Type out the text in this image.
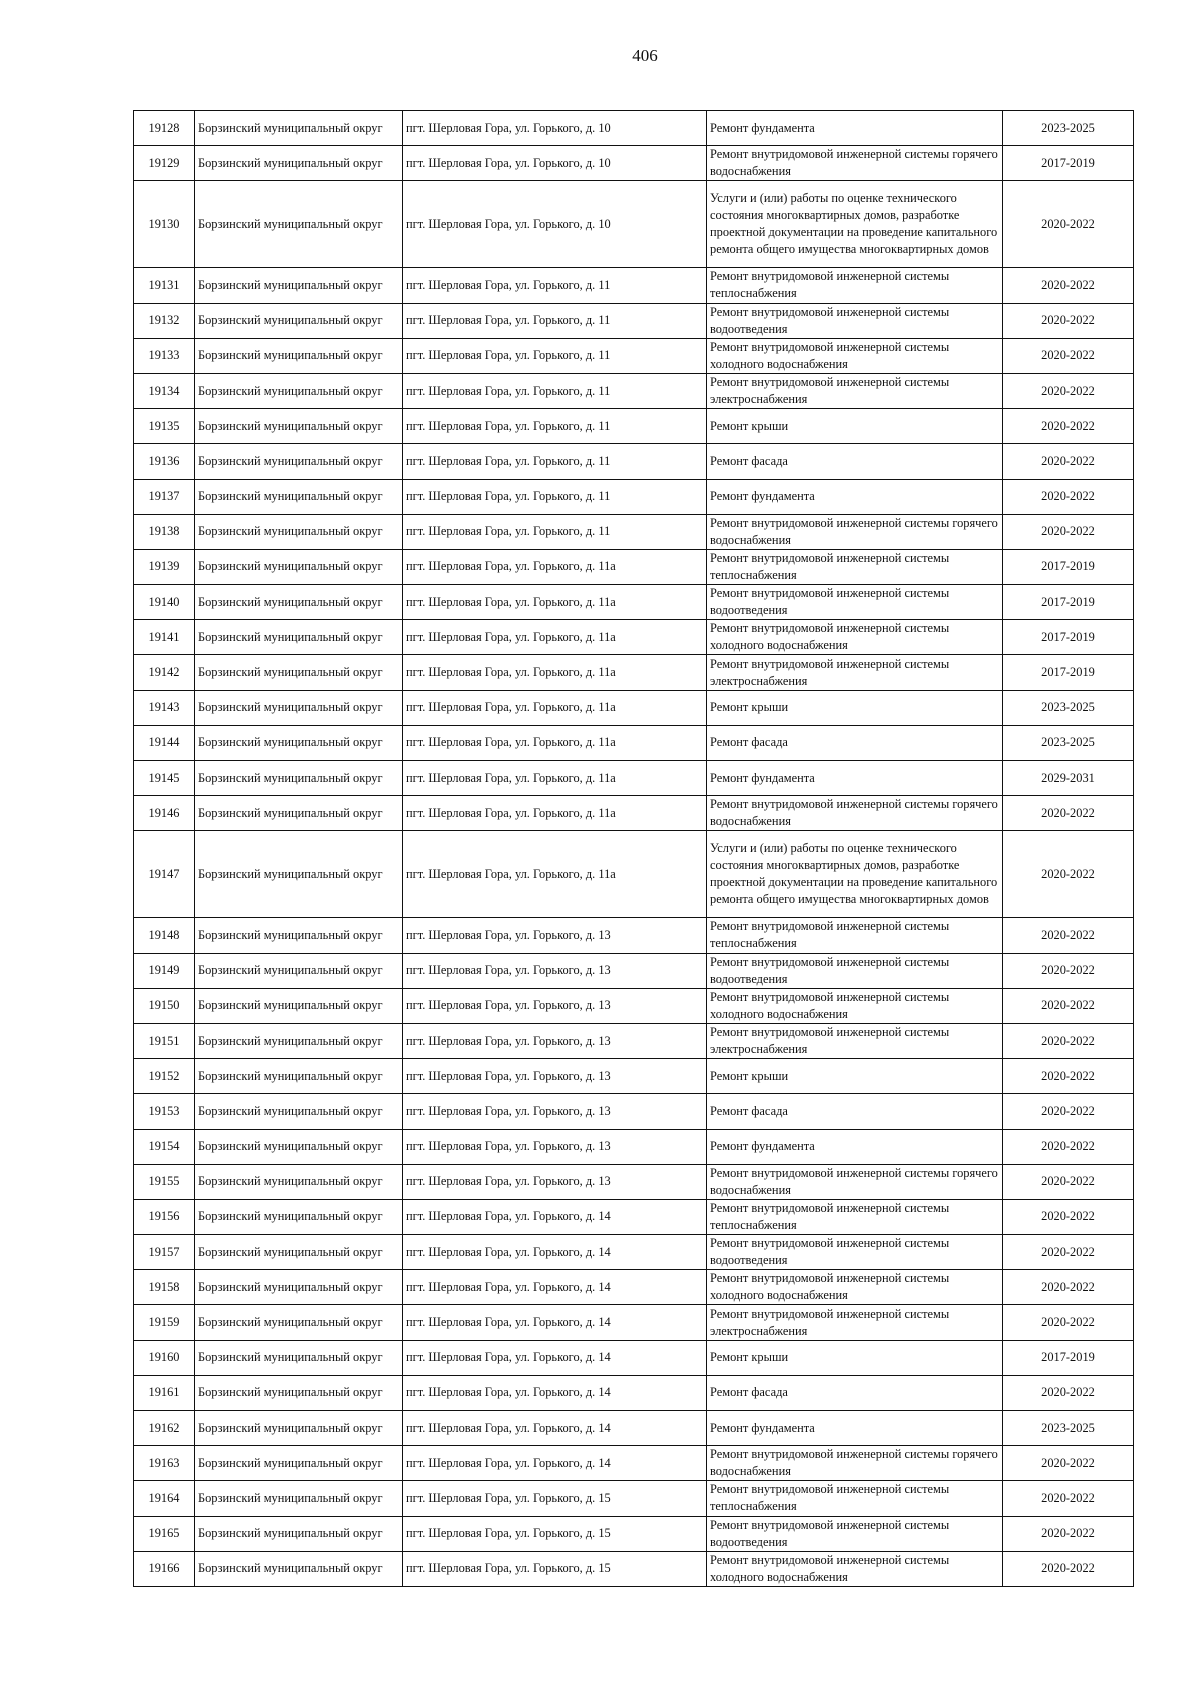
406
19128	Борзинский муниципальный округ	пгт. Шерловая Гора, ул. Горького, д. 10	Ремонт фундамента	2023-2025
19129	Борзинский муниципальный округ	пгт. Шерловая Гора, ул. Горького, д. 10	Ремонт внутридомовой инженерной системы горячего водоснабжения	2017-2019
19130	Борзинский муниципальный округ	пгт. Шерловая Гора, ул. Горького, д. 10	Услуги и (или) работы по оценке технического состояния многоквартирных домов, разработке проектной документации на проведение капитального ремонта общего имущества многоквартирных домов	2020-2022
19131	Борзинский муниципальный округ	пгт. Шерловая Гора, ул. Горького, д. 11	Ремонт внутридомовой инженерной системы теплоснабжения	2020-2022
19132	Борзинский муниципальный округ	пгт. Шерловая Гора, ул. Горького, д. 11	Ремонт внутридомовой инженерной системы водоотведения	2020-2022
19133	Борзинский муниципальный округ	пгт. Шерловая Гора, ул. Горького, д. 11	Ремонт внутридомовой инженерной системы холодного водоснабжения	2020-2022
19134	Борзинский муниципальный округ	пгт. Шерловая Гора, ул. Горького, д. 11	Ремонт внутридомовой инженерной системы электроснабжения	2020-2022
19135	Борзинский муниципальный округ	пгт. Шерловая Гора, ул. Горького, д. 11	Ремонт крыши	2020-2022
19136	Борзинский муниципальный округ	пгт. Шерловая Гора, ул. Горького, д. 11	Ремонт фасада	2020-2022
19137	Борзинский муниципальный округ	пгт. Шерловая Гора, ул. Горького, д. 11	Ремонт фундамента	2020-2022
19138	Борзинский муниципальный округ	пгт. Шерловая Гора, ул. Горького, д. 11	Ремонт внутридомовой инженерной системы горячего водоснабжения	2020-2022
19139	Борзинский муниципальный округ	пгт. Шерловая Гора, ул. Горького, д. 11а	Ремонт внутридомовой инженерной системы теплоснабжения	2017-2019
19140	Борзинский муниципальный округ	пгт. Шерловая Гора, ул. Горького, д. 11а	Ремонт внутридомовой инженерной системы водоотведения	2017-2019
19141	Борзинский муниципальный округ	пгт. Шерловая Гора, ул. Горького, д. 11а	Ремонт внутридомовой инженерной системы холодного водоснабжения	2017-2019
19142	Борзинский муниципальный округ	пгт. Шерловая Гора, ул. Горького, д. 11а	Ремонт внутридомовой инженерной системы электроснабжения	2017-2019
19143	Борзинский муниципальный округ	пгт. Шерловая Гора, ул. Горького, д. 11а	Ремонт крыши	2023-2025
19144	Борзинский муниципальный округ	пгт. Шерловая Гора, ул. Горького, д. 11а	Ремонт фасада	2023-2025
19145	Борзинский муниципальный округ	пгт. Шерловая Гора, ул. Горького, д. 11а	Ремонт фундамента	2029-2031
19146	Борзинский муниципальный округ	пгт. Шерловая Гора, ул. Горького, д. 11а	Ремонт внутридомовой инженерной системы горячего водоснабжения	2020-2022
19147	Борзинский муниципальный округ	пгт. Шерловая Гора, ул. Горького, д. 11а	Услуги и (или) работы по оценке технического состояния многоквартирных домов, разработке проектной документации на проведение капитального ремонта общего имущества многоквартирных домов	2020-2022
19148	Борзинский муниципальный округ	пгт. Шерловая Гора, ул. Горького, д. 13	Ремонт внутридомовой инженерной системы теплоснабжения	2020-2022
19149	Борзинский муниципальный округ	пгт. Шерловая Гора, ул. Горького, д. 13	Ремонт внутридомовой инженерной системы водоотведения	2020-2022
19150	Борзинский муниципальный округ	пгт. Шерловая Гора, ул. Горького, д. 13	Ремонт внутридомовой инженерной системы холодного водоснабжения	2020-2022
19151	Борзинский муниципальный округ	пгт. Шерловая Гора, ул. Горького, д. 13	Ремонт внутридомовой инженерной системы электроснабжения	2020-2022
19152	Борзинский муниципальный округ	пгт. Шерловая Гора, ул. Горького, д. 13	Ремонт крыши	2020-2022
19153	Борзинский муниципальный округ	пгт. Шерловая Гора, ул. Горького, д. 13	Ремонт фасада	2020-2022
19154	Борзинский муниципальный округ	пгт. Шерловая Гора, ул. Горького, д. 13	Ремонт фундамента	2020-2022
19155	Борзинский муниципальный округ	пгт. Шерловая Гора, ул. Горького, д. 13	Ремонт внутридомовой инженерной системы горячего водоснабжения	2020-2022
19156	Борзинский муниципальный округ	пгт. Шерловая Гора, ул. Горького, д. 14	Ремонт внутридомовой инженерной системы теплоснабжения	2020-2022
19157	Борзинский муниципальный округ	пгт. Шерловая Гора, ул. Горького, д. 14	Ремонт внутридомовой инженерной системы водоотведения	2020-2022
19158	Борзинский муниципальный округ	пгт. Шерловая Гора, ул. Горького, д. 14	Ремонт внутридомовой инженерной системы холодного водоснабжения	2020-2022
19159	Борзинский муниципальный округ	пгт. Шерловая Гора, ул. Горького, д. 14	Ремонт внутридомовой инженерной системы электроснабжения	2020-2022
19160	Борзинский муниципальный округ	пгт. Шерловая Гора, ул. Горького, д. 14	Ремонт крыши	2017-2019
19161	Борзинский муниципальный округ	пгт. Шерловая Гора, ул. Горького, д. 14	Ремонт фасада	2020-2022
19162	Борзинский муниципальный округ	пгт. Шерловая Гора, ул. Горького, д. 14	Ремонт фундамента	2023-2025
19163	Борзинский муниципальный округ	пгт. Шерловая Гора, ул. Горького, д. 14	Ремонт внутридомовой инженерной системы горячего водоснабжения	2020-2022
19164	Борзинский муниципальный округ	пгт. Шерловая Гора, ул. Горького, д. 15	Ремонт внутридомовой инженерной системы теплоснабжения	2020-2022
19165	Борзинский муниципальный округ	пгт. Шерловая Гора, ул. Горького, д. 15	Ремонт внутридомовой инженерной системы водоотведения	2020-2022
19166	Борзинский муниципальный округ	пгт. Шерловая Гора, ул. Горького, д. 15	Ремонт внутридомовой инженерной системы холодного водоснабжения	2020-2022
